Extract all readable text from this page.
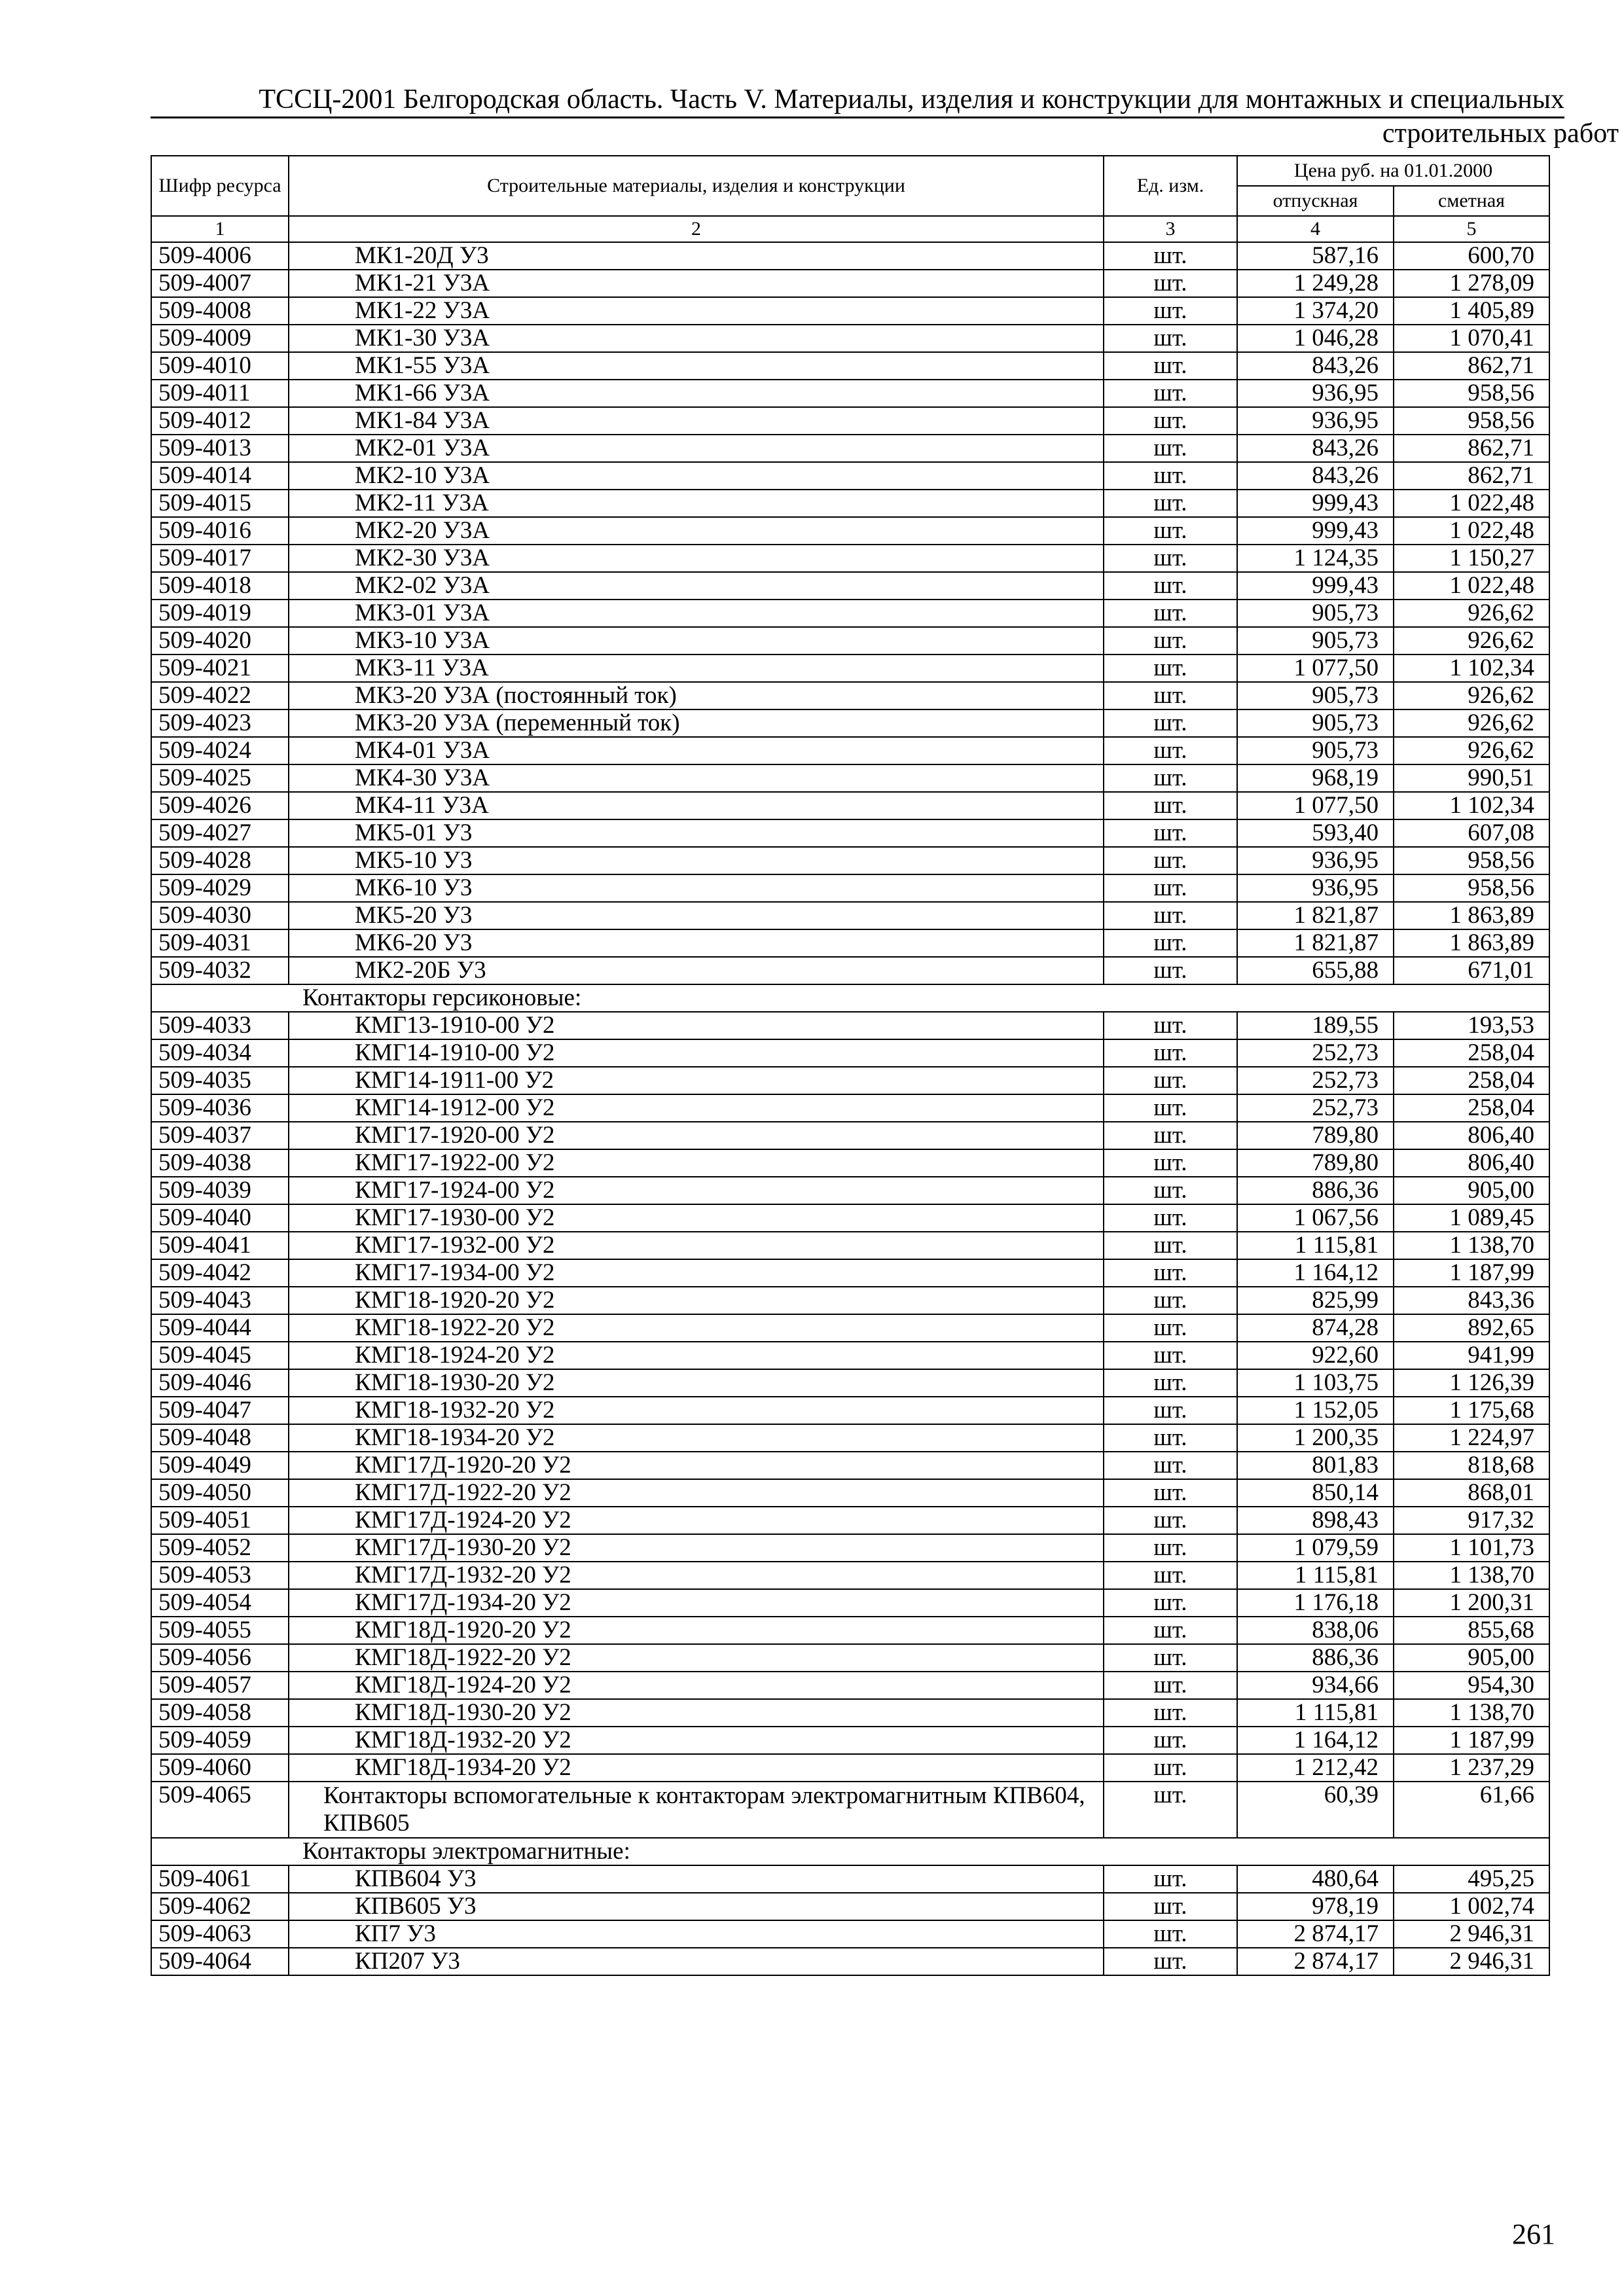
ТССЦ-2001 Белгородская область. Часть V. Материалы, изделия и конструкции для монтажных и специальных
строительных работ
Шифр ресурса	Строительные материалы, изделия и конструкции	Ед. изм.	Цена руб. на 01.01.2000	
			отпускная	сметная
1	2	3	4	5
509-4006	МК1-20Д У3	шт.	587,16	600,70
509-4007	МК1-21 У3А	шт.	1 249,28	1 278,09
509-4008	МК1-22 У3А	шт.	1 374,20	1 405,89
509-4009	МК1-30 У3А	шт.	1 046,28	1 070,41
509-4010	МК1-55 У3А	шт.	843,26	862,71
509-4011	МК1-66 У3А	шт.	936,95	958,56
509-4012	МК1-84 У3А	шт.	936,95	958,56
509-4013	МК2-01 У3А	шт.	843,26	862,71
509-4014	МК2-10 У3А	шт.	843,26	862,71
509-4015	МК2-11 У3А	шт.	999,43	1 022,48
509-4016	МК2-20 У3А	шт.	999,43	1 022,48
509-4017	МК2-30 У3А	шт.	1 124,35	1 150,27
509-4018	МК2-02 У3А	шт.	999,43	1 022,48
509-4019	МК3-01 У3А	шт.	905,73	926,62
509-4020	МК3-10 У3А	шт.	905,73	926,62
509-4021	МК3-11 У3А	шт.	1 077,50	1 102,34
509-4022	МК3-20 У3А (постоянный ток)	шт.	905,73	926,62
509-4023	МК3-20 У3А (переменный ток)	шт.	905,73	926,62
509-4024	МК4-01 У3А	шт.	905,73	926,62
509-4025	МК4-30 У3А	шт.	968,19	990,51
509-4026	МК4-11 У3А	шт.	1 077,50	1 102,34
509-4027	МК5-01 У3	шт.	593,40	607,08
509-4028	МК5-10 У3	шт.	936,95	958,56
509-4029	МК6-10 У3	шт.	936,95	958,56
509-4030	МК5-20 У3	шт.	1 821,87	1 863,89
509-4031	МК6-20 У3	шт.	1 821,87	1 863,89
509-4032	МК2-20Б У3	шт.	655,88	671,01
Контакторы герсиконовые:				
509-4033	КМГ13-1910-00 У2	шт.	189,55	193,53
509-4034	КМГ14-1910-00 У2	шт.	252,73	258,04
509-4035	КМГ14-1911-00 У2	шт.	252,73	258,04
509-4036	КМГ14-1912-00 У2	шт.	252,73	258,04
509-4037	КМГ17-1920-00 У2	шт.	789,80	806,40
509-4038	КМГ17-1922-00 У2	шт.	789,80	806,40
509-4039	КМГ17-1924-00 У2	шт.	886,36	905,00
509-4040	КМГ17-1930-00 У2	шт.	1 067,56	1 089,45
509-4041	КМГ17-1932-00 У2	шт.	1 115,81	1 138,70
509-4042	КМГ17-1934-00 У2	шт.	1 164,12	1 187,99
509-4043	КМГ18-1920-20 У2	шт.	825,99	843,36
509-4044	КМГ18-1922-20 У2	шт.	874,28	892,65
509-4045	КМГ18-1924-20 У2	шт.	922,60	941,99
509-4046	КМГ18-1930-20 У2	шт.	1 103,75	1 126,39
509-4047	КМГ18-1932-20 У2	шт.	1 152,05	1 175,68
509-4048	КМГ18-1934-20 У2	шт.	1 200,35	1 224,97
509-4049	КМГ17Д-1920-20 У2	шт.	801,83	818,68
509-4050	КМГ17Д-1922-20 У2	шт.	850,14	868,01
509-4051	КМГ17Д-1924-20 У2	шт.	898,43	917,32
509-4052	КМГ17Д-1930-20 У2	шт.	1 079,59	1 101,73
509-4053	КМГ17Д-1932-20 У2	шт.	1 115,81	1 138,70
509-4054	КМГ17Д-1934-20 У2	шт.	1 176,18	1 200,31
509-4055	КМГ18Д-1920-20 У2	шт.	838,06	855,68
509-4056	КМГ18Д-1922-20 У2	шт.	886,36	905,00
509-4057	КМГ18Д-1924-20 У2	шт.	934,66	954,30
509-4058	КМГ18Д-1930-20 У2	шт.	1 115,81	1 138,70
509-4059	КМГ18Д-1932-20 У2	шт.	1 164,12	1 187,99
509-4060	КМГ18Д-1934-20 У2	шт.	1 212,42	1 237,29
509-4065	Контакторы вспомогательные к контакторам электромагнитным КПВ604, КПВ605	шт.	60,39	61,66
Контакторы электромагнитные:				
509-4061	КПВ604 У3	шт.	480,64	495,25
509-4062	КПВ605 У3	шт.	978,19	1 002,74
509-4063	КП7 У3	шт.	2 874,17	2 946,31
509-4064	КП207 У3	шт.	2 874,17	2 946,31
261
